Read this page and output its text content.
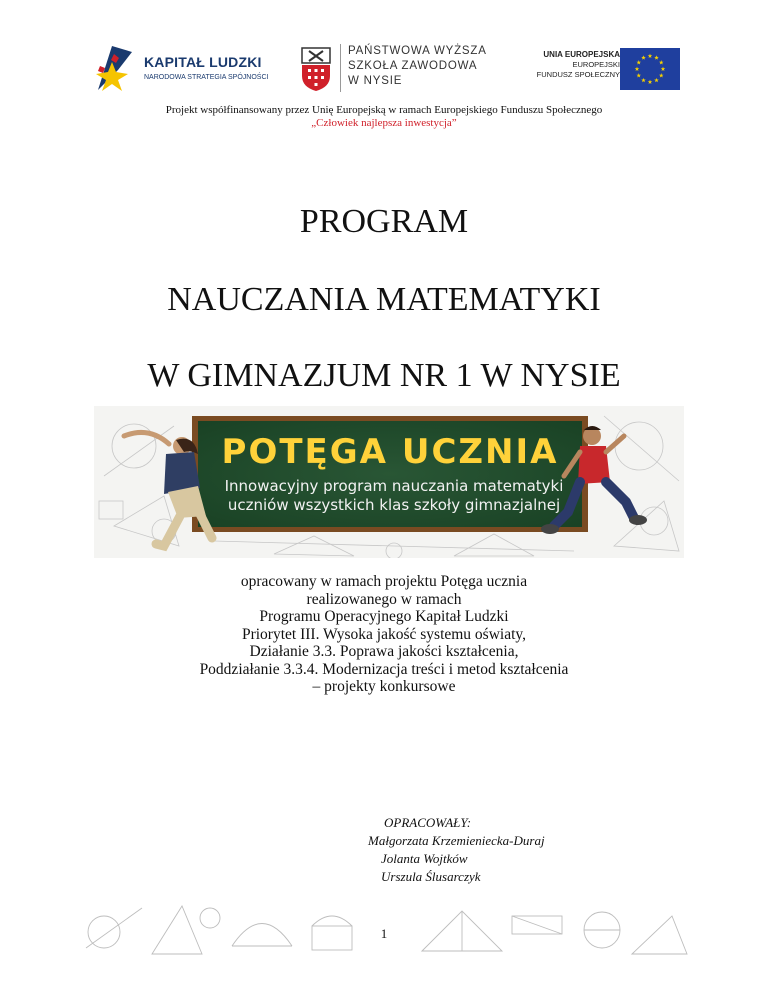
KAPITAŁ LUDZKI
NARODOWA STRATEGIA SPÓJNOŚCI
PAŃSTWOWA WYŻSZA
SZKOŁA ZAWODOWA
W NYSIE
UNIA EUROPEJSKA
EUROPEJSKI
FUNDUSZ SPOŁECZNY
Projekt współfinansowany przez Unię Europejską w ramach Europejskiego Funduszu Społecznego
„Człowiek najlepsza inwestycja”
PROGRAM
NAUCZANIA MATEMATYKI
W GIMNAZJUM NR 1 W NYSIE
POTĘGA UCZNIA
Innowacyjny program nauczania matematyki
uczniów wszystkich klas szkoły gimnazjalnej
opracowany w ramach projektu Potęga ucznia
realizowanego w ramach
Programu Operacyjnego Kapitał Ludzki
Priorytet III. Wysoka jakość systemu oświaty,
Działanie 3.3. Poprawa jakości kształcenia,
Poddziałanie 3.3.4. Modernizacja treści i metod kształcenia
– projekty konkursowe
OPRACOWAŁY:
Małgorzata Krzemieniecka-Duraj
Jolanta Wojtków
Urszula Ślusarczyk
1
